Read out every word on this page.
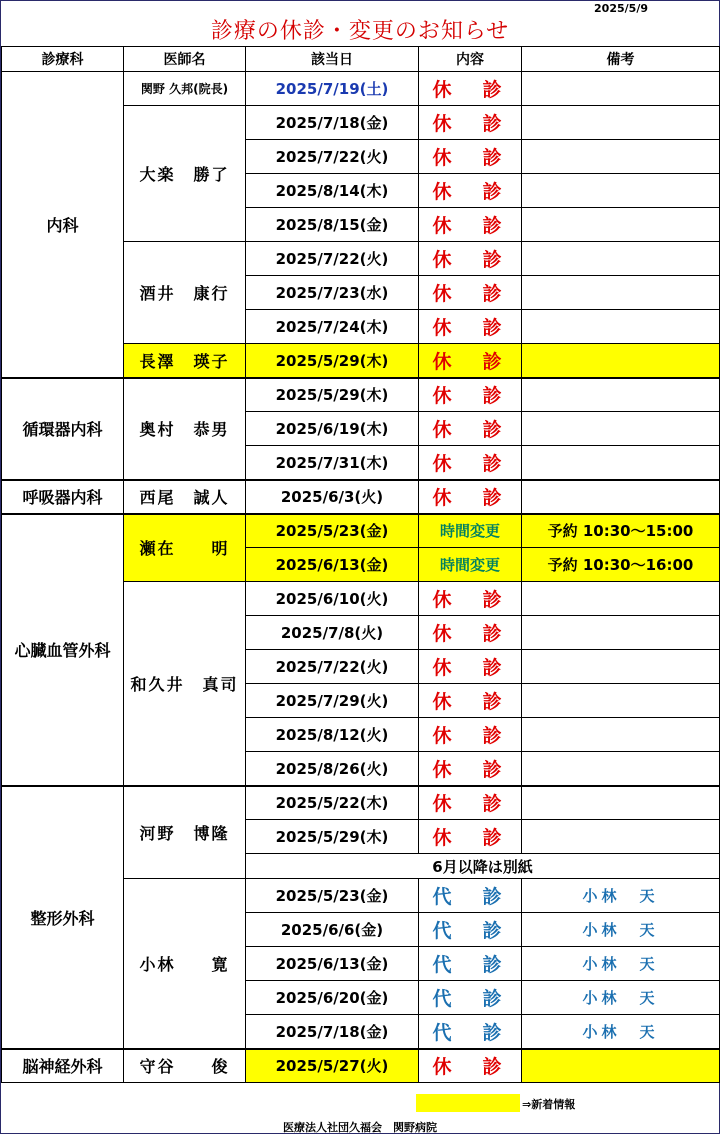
2025/5/9
診療の休診・変更のお知らせ
診療科	医師名	該当日	内容	備考
内科	関野 久邦(院長)	2025/7/19(土)	休　診	
	大楽　勝了	2025/7/18(金)	休　診	
		2025/7/22(火)	休　診	
		2025/8/14(木)	休　診	
		2025/8/15(金)	休　診	
	酒井　康行	2025/7/22(火)	休　診	
		2025/7/23(水)	休　診	
		2025/7/24(木)	休　診	
	長澤　瑛子	2025/5/29(木)	休　診	
循環器内科	奥村　恭男	2025/5/29(木)	休　診	
		2025/6/19(木)	休　診	
		2025/7/31(木)	休　診	
呼吸器内科	西尾　誠人	2025/6/3(火)	休　診	
心臓血管外科	瀬在　　明	2025/5/23(金)	時間変更	予約 10:30～15:00
		2025/6/13(金)	時間変更	予約 10:30～16:00
	和久井　真司	2025/6/10(火)	休　診	
		2025/7/8(火)	休　診	
		2025/7/22(火)	休　診	
		2025/7/29(火)	休　診	
		2025/8/12(火)	休　診	
		2025/8/26(火)	休　診	
整形外科	河野　博隆	2025/5/22(木)	休　診	
		2025/5/29(木)	休　診	
		6月以降は別紙		
	小林　　寛	2025/5/23(金)	代　診	小林　天
		2025/6/6(金)	代　診	小林　天
		2025/6/13(金)	代　診	小林　天
		2025/6/20(金)	代　診	小林　天
		2025/7/18(金)	代　診	小林　天
脳神経外科	守谷　　俊	2025/5/27(火)	休　診	
⇒新着情報
医療法人社団久福会　関野病院
